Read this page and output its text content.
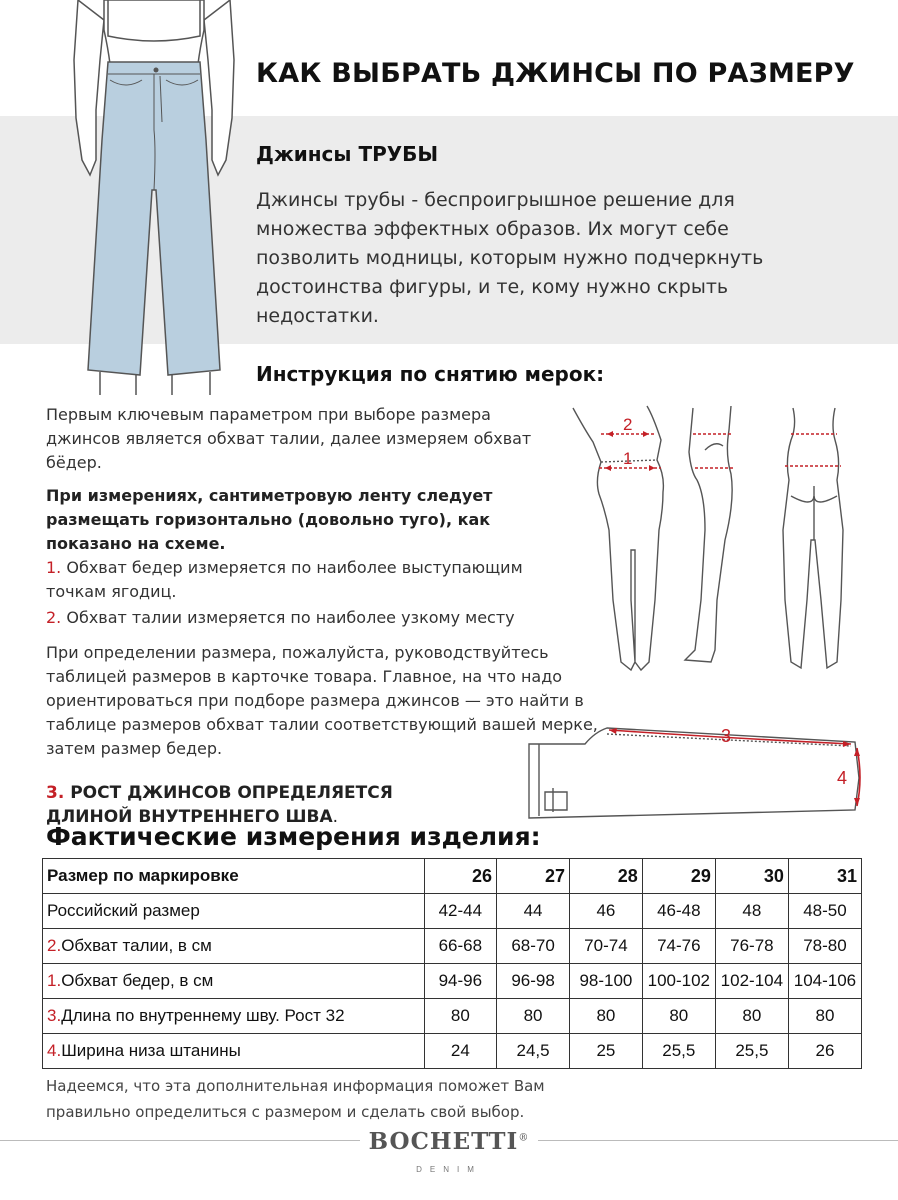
КАК ВЫБРАТЬ ДЖИНСЫ ПО РАЗМЕРУ
Джинсы ТРУБЫ
Джинсы трубы - беспроигрышное решение для множества эффектных образов. Их могут себе позволить модницы, которым нужно подчеркнуть достоинства фигуры, и те, кому нужно скрыть недостатки.
Инструкция по снятию мерок:
Первым ключевым параметром при выборе размера джинсов является обхват талии, далее измеряем обхват бёдер.
При измерениях, сантиметровую ленту следует размещать горизонтально (довольно туго), как показано на схеме.
1. Обхват бедер измеряется по наиболее выступающим точкам ягодиц.
2. Обхват талии измеряется по наиболее узкому месту
При определении размера, пожалуйста, руководствуйтесь таблицей размеров в карточке товара. Главное, на что надо ориентироваться при подборе размера джинсов — это найти в таблице размеров обхват талии соответствующий вашей мерке, затем размер бедер.
3. РОСТ ДЖИНСОВ ОПРЕДЕЛЯЕТСЯ ДЛИНОЙ ВНУТРЕННЕГО ШВА.
2
1
3
4
Фактические измерения изделия:
Размер по маркировке	26	27	28	29	30	31
Российский размер	42-44	44	46	46-48	48	48-50
2.Обхват талии, в см	66-68	68-70	70-74	74-76	76-78	78-80
1.Обхват бедер, в см	94-96	96-98	98-100	100-102	102-104	104-106
3.Длина по внутреннему шву. Рост 32	80	80	80	80	80	80
4.Ширина низа штанины	24	24,5	25	25,5	25,5	26
Надеемся, что эта дополнительная информация поможет Вам правильно определиться с размером и сделать свой выбор.
BOCHETTI®
DENIM
